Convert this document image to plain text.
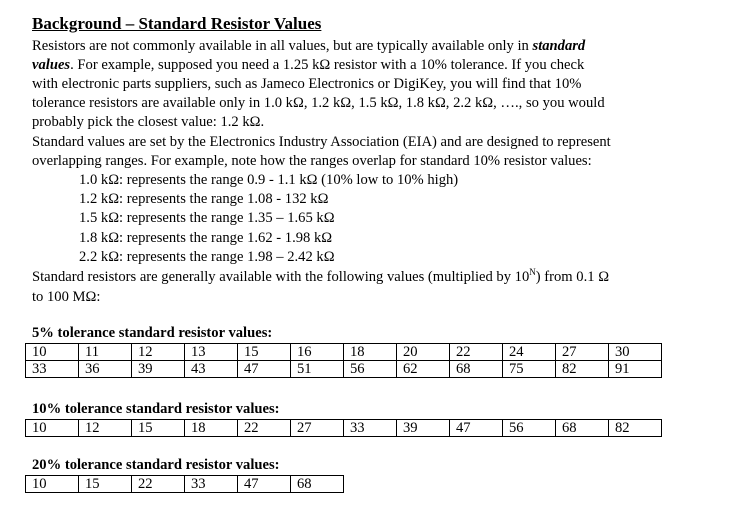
Background – Standard Resistor Values
Resistors are not commonly available in all values, but are typically available only in standard
values. For example, supposed you need a 1.25 kΩ resistor with a 10% tolerance. If you check
with electronic parts suppliers, such as Jameco Electronics or DigiKey, you will find that 10%
tolerance resistors are available only in 1.0 kΩ, 1.2 kΩ, 1.5 kΩ, 1.8 kΩ, 2.2 kΩ, …., so you would
probably pick the closest value: 1.2 kΩ.
Standard values are set by the Electronics Industry Association (EIA) and are designed to represent
overlapping ranges. For example, note how the ranges overlap for standard 10% resistor values:
1.0 kΩ: represents the range 0.9 - 1.1 kΩ (10% low to 10% high)
1.2 kΩ: represents the range 1.08 - 132 kΩ
1.5 kΩ: represents the range 1.35 – 1.65 kΩ
1.8 kΩ: represents the range 1.62 - 1.98 kΩ
2.2 kΩ: represents the range 1.98 – 2.42 kΩ
Standard resistors are generally available with the following values (multiplied by $10^N$) from 0.1 Ω
to 100 MΩ:
5% tolerance standard resistor values:
10	11	12	13	15	16	18	20	22	24	27	30
33	36	39	43	47	51	56	62	68	75	82	91
10% tolerance standard resistor values:
10	12	15	18	22	27	33	39	47	56	68	82
20% tolerance standard resistor values:
10	15	22	33	47	68
